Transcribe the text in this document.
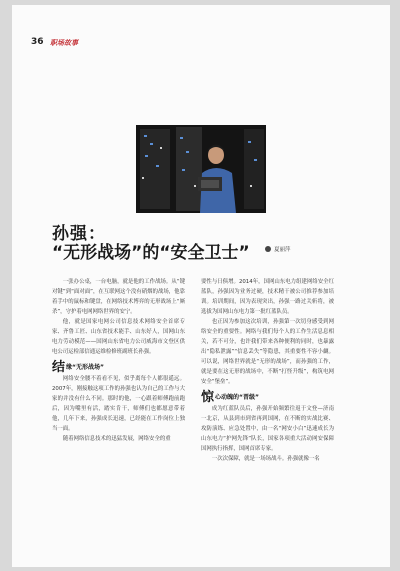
36 职场故事
孙强：
“无形战场”的“安全卫士”	夏丽萍

一张办公桌，一台电脑，就是他的工作战场。从“键对键”到“面对面”，在互联网这个没有硝烟的战场，他靠着手中的鼠标和键盘，在网络技术博弈的无形战场上“厮杀”，守护着电网网络世界的安宁。

他，就是国家电网公司信息技术网络安全首席专家、齐鲁工匠、山东省技术能手、山东好人，国网山东电力劳动模范——国网山东省电力公司威海市文登区供电公司运检部信通运维检修班副班长孙强。

结缘“无形战场”

网络安全腰不着看不见，似乎离每个人都很遥远。2007年，刚接触这项工作的孙强也认为自己的工作与大家的并没有什么不同。那时的他，一心跟着师傅跑前跑后，因为嘴里有活，踏实肯干，师傅们也都愿意带着他，几年下来，孙强成长迅速，已经能在工作岗位上独当一面。

随着网络信息技术的迅猛发展，网络安全的重

要性与日俱增。2014年，国网山东电力组建网络安全红蓝队，孙强因为业务过硬，技术精干被公司推荐参加培训。培训期间，因为表现突出，孙强一路过关斩将，被选拔为国网山东电力第一批红蓝队员。

也正因为参加这次培训，孙强第一次切身感受到网络安全的重要性。网络与我们每个人的工作生活息息相关，若不可分，也许我们带来各种便利的同时，也暴露出“隐私泄露”“信息丢失”等隐患，其重要性不容小觑。可以说，网络世界就是“无形的战场”，而孙强的工作，就是要在这无形的战场中，不断“打怪升级”，构筑电网安全“堡垒”。

惊心动魄的“晋级”

成为红蓝队员后，孙强开始频繁往返于文登—济南一北京，从县到市到省再到国网，在不断的实战比赛、攻防演练、应急处置中，由一名“网安小白”迅速成长为山东电力“护网先锋”队长，国家各项重大活动网安保障国网执行指挥，国网首席专家。

一次次保障，就是一场场战斗。孙强就像一名
